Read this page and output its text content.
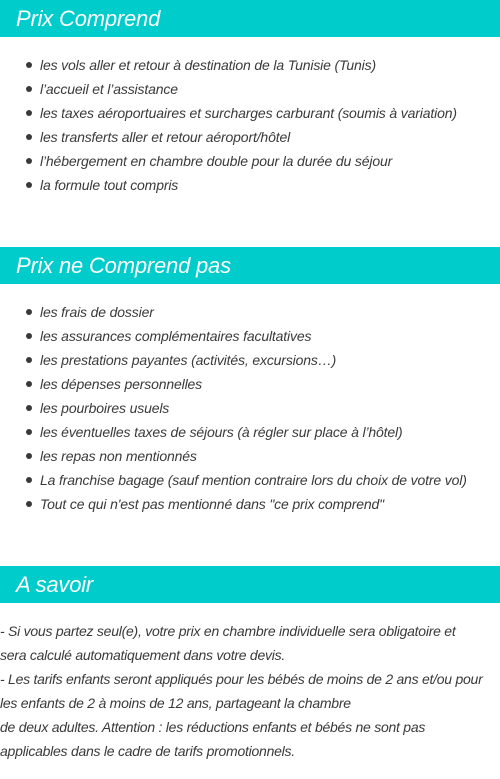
Prix Comprend
les vols aller et retour à destination de la Tunisie (Tunis)
l’accueil et l’assistance
les taxes aéroportuaires et surcharges carburant (soumis à variation)
les transferts aller et retour aéroport/hôtel
l’hébergement en chambre double pour la durée du séjour
la formule tout compris
Prix ne Comprend pas
les frais de dossier
les assurances complémentaires facultatives
les prestations payantes (activités, excursions…)
les dépenses personnelles
les pourboires usuels
les éventuelles taxes de séjours (à régler sur place à l’hôtel)
les repas non mentionnés
La franchise bagage (sauf mention contraire lors du choix de votre vol)
Tout ce qui n'est pas mentionné dans "ce prix comprend"
A savoir

- Si vous partez seul(e), votre prix en chambre individuelle sera obligatoire et

sera calculé automatiquement dans votre devis.

- Les tarifs enfants seront appliqués pour les bébés de moins de 2 ans et/ou pour

les enfants de 2 à moins de 12 ans, partageant la chambre

de deux adultes. Attention : les réductions enfants et bébés ne sont pas

applicables dans le cadre de tarifs promotionnels.
